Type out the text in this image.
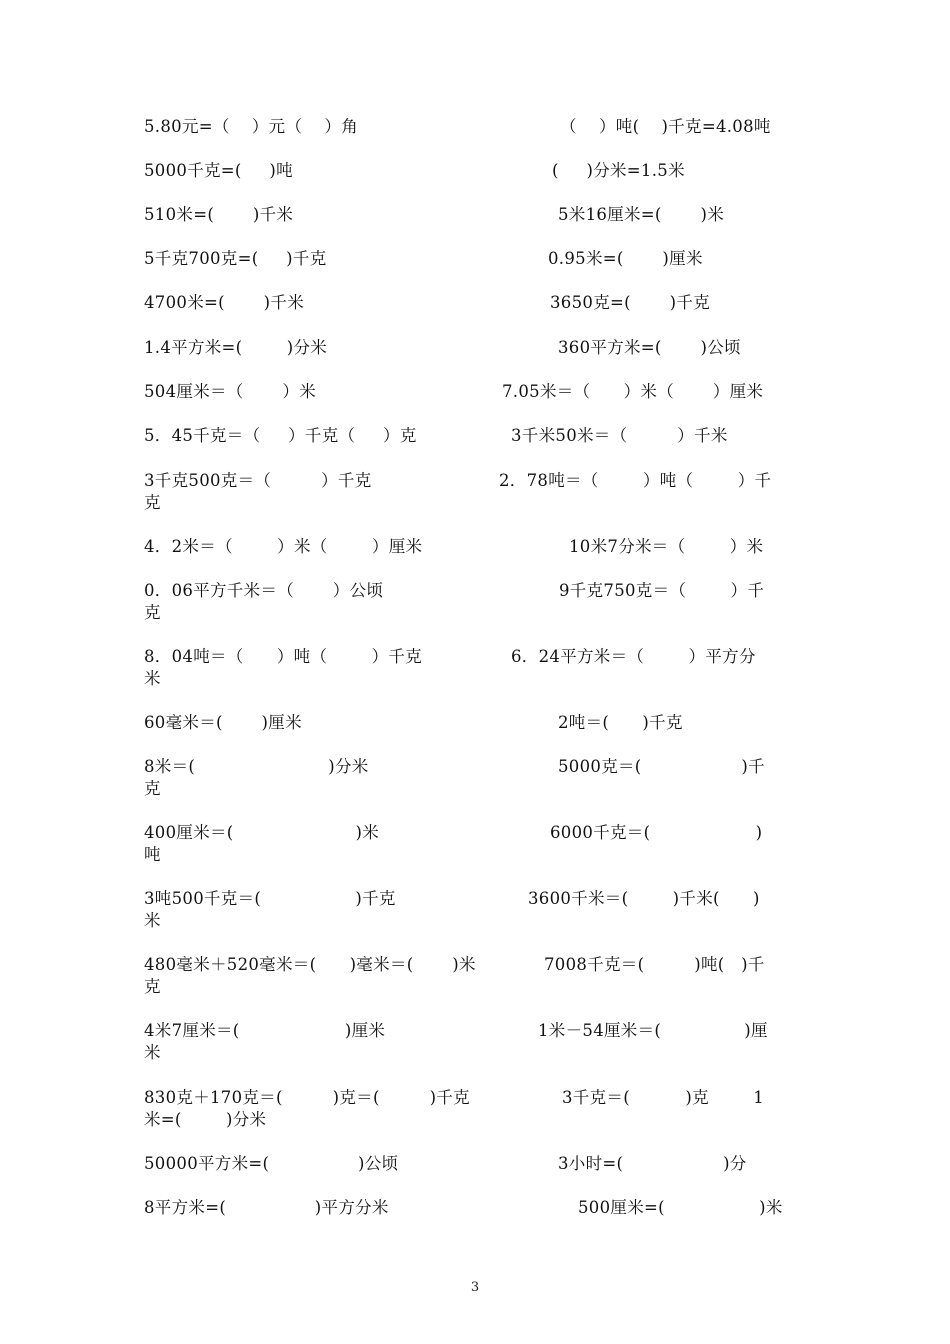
5.80元=（    ）元（    ）角

	（    ）吨(    )千克=4.08吨

5000千克=(     )吨

	(     )分米=1.5米

510米=(       )千米

	5米16厘米=(       )米

5千克700克=(     )千克

	0.95米=(       )厘米

4700米=(       )千米

	3650克=(       )千克

1.4平方米=(        )分米

	360平方米=(       )公顷

504厘米＝（       ）米

	7.05米＝（      ）米（       ）厘米

5．45千克＝（     ）千克（     ）克

	3千米50米＝（         ）千米

3千克500克＝（         ）千克

	2．78吨＝（        ）吨（        ）千

克

4．2米＝（        ）米（        ）厘米

	10米7分米＝（        ）米

0．06平方千米＝（       ）公顷

	9千克750克＝（        ）千

克

8．04吨＝（      ）吨（        ）千克

	6．24平方米＝（        ）平方分

米

60毫米＝(       )厘米

	2吨＝(      )千克

8米＝(                        )分米

	5000克＝(                  )千

克

400厘米＝(                      )米

	6000千克＝(                   )

吨

3吨500千克＝(                 )千克

	3600千米＝(        )千米(      )

米

480毫米＋520毫米＝(      )毫米＝(       )米

	7008千克＝(         )吨(   )千

克

4米7厘米＝(                   )厘米

	1米－54厘米＝(               )厘

米

830克＋170克＝(         )克＝(         )千克

	3千克＝(          )克        1

米=(        )分米

50000平方米=(                )公顷

	3小时=(                  )分

8平方米=(                )平方分米

	500厘米=(                 )米

3
